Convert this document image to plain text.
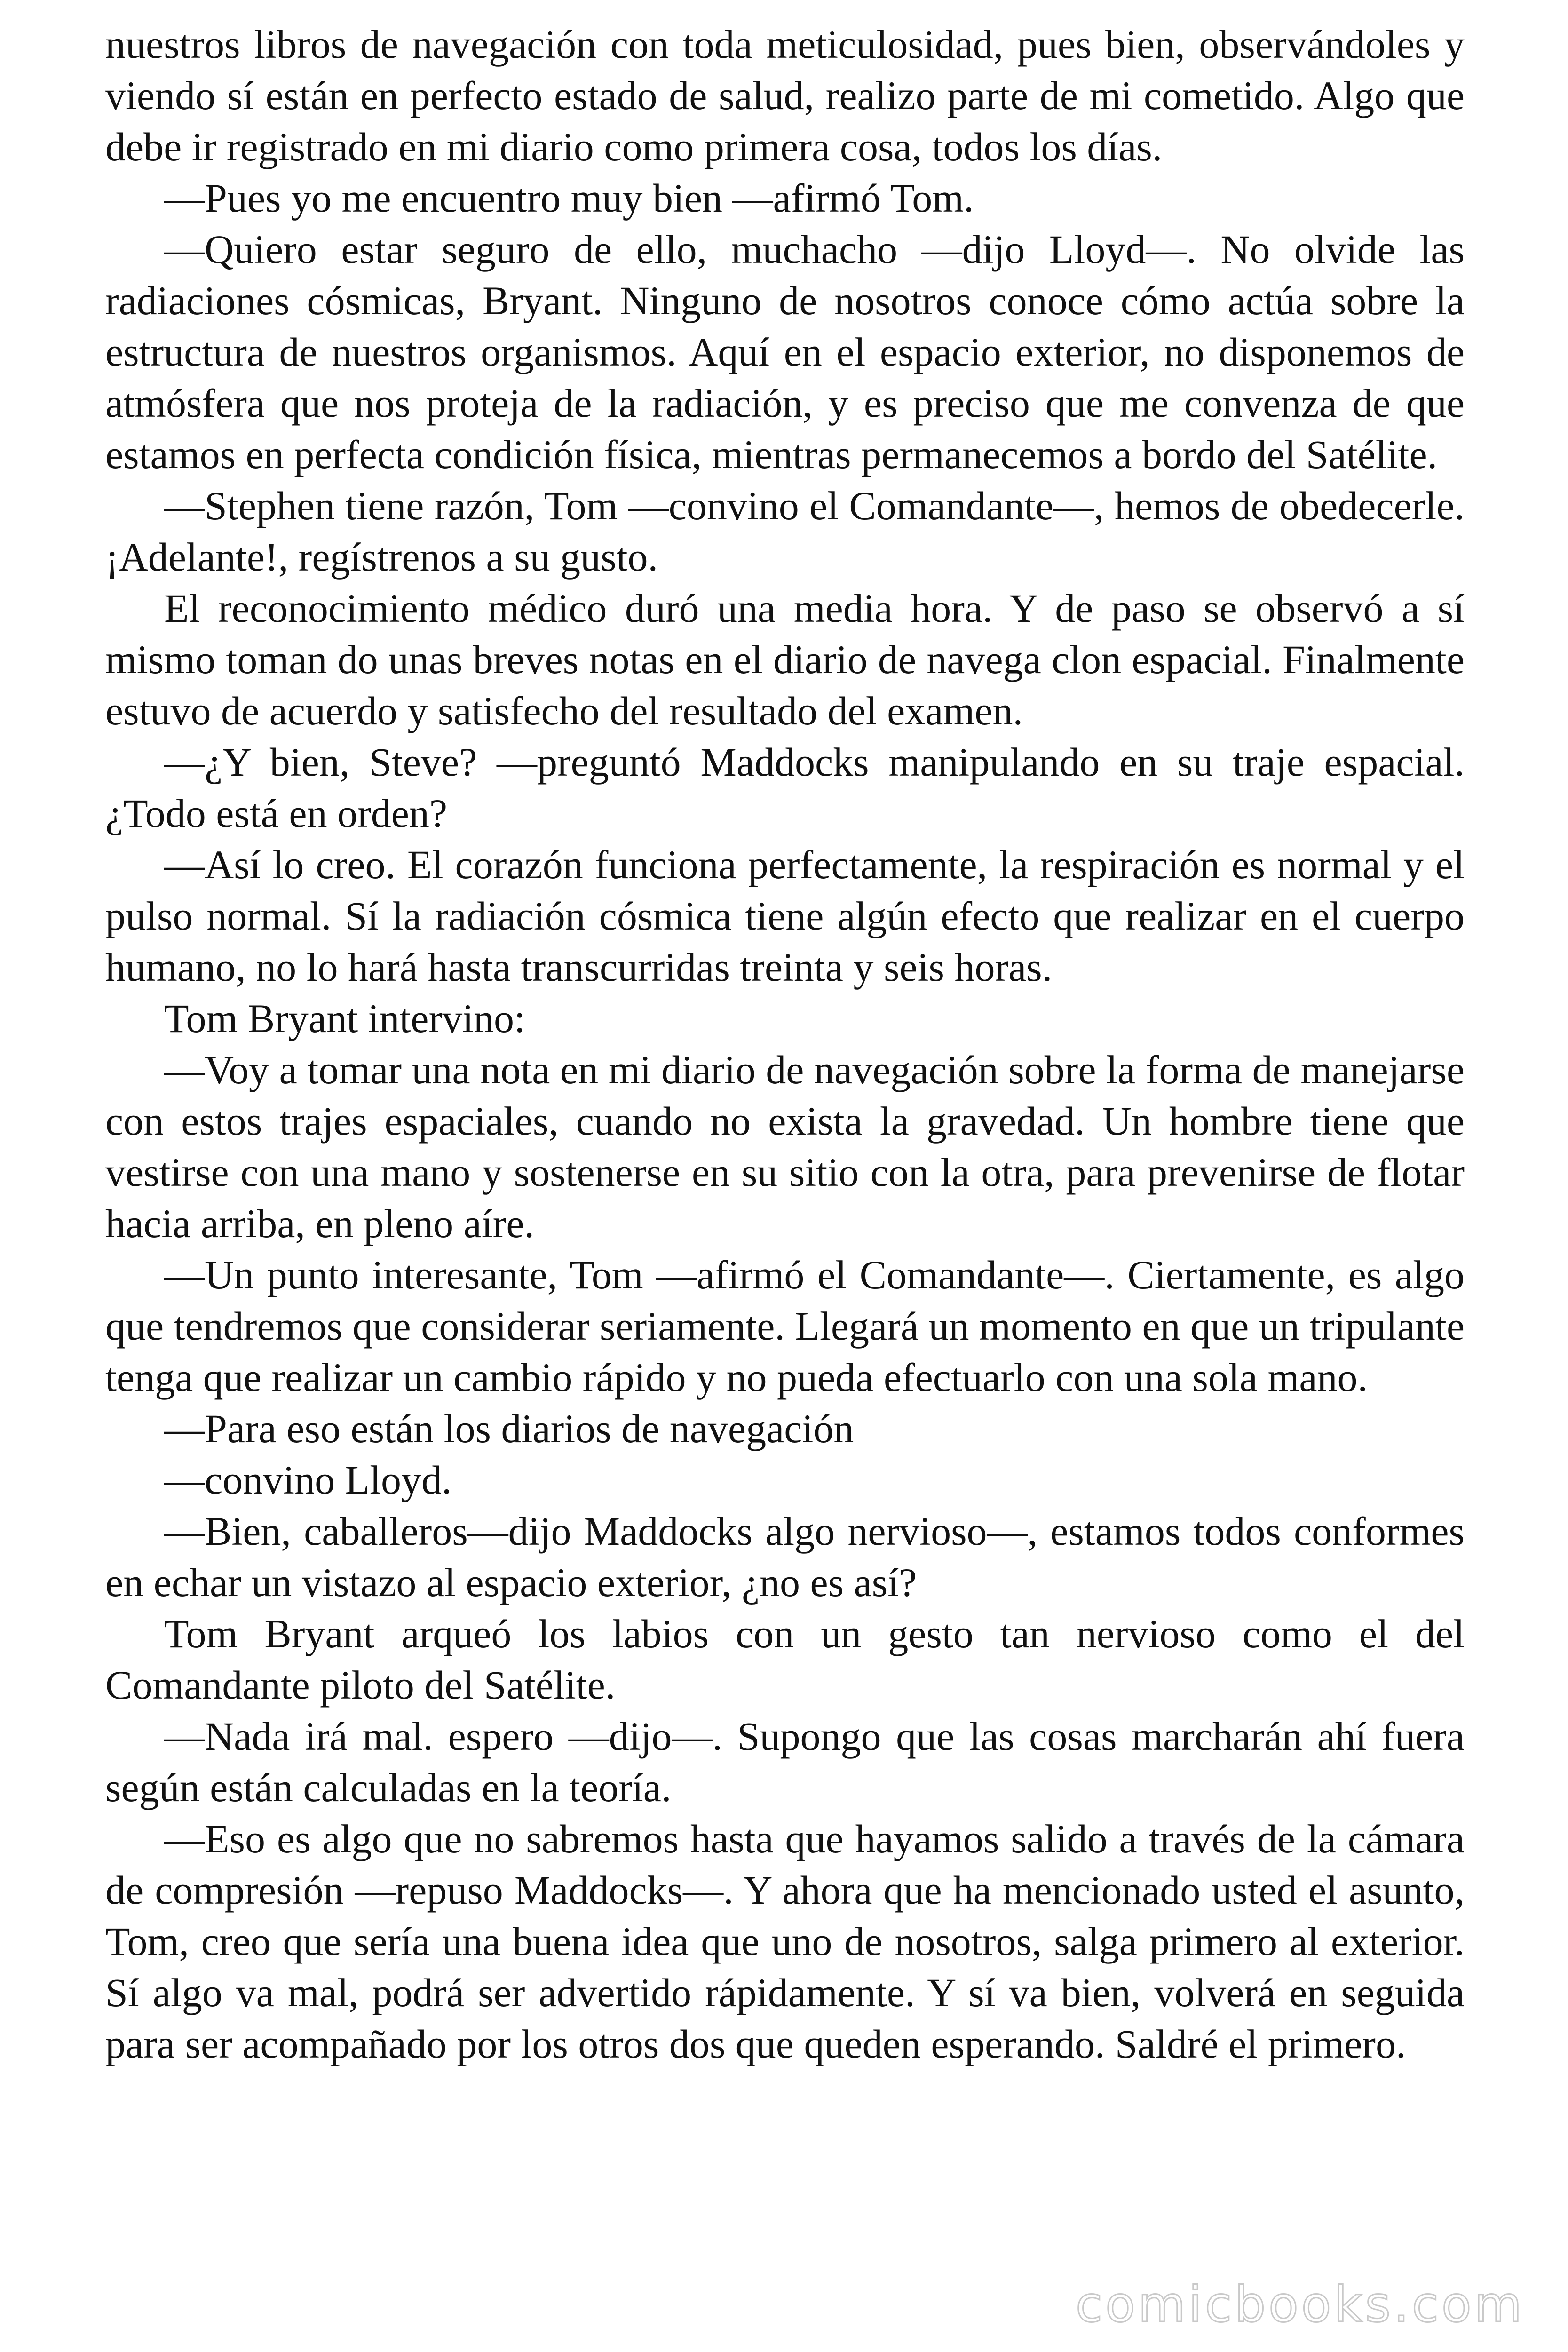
nuestros libros de navegación con toda meticulosidad, pues bien, observándoles y viendo sí están en perfecto estado de salud, realizo parte de mi cometido. Algo que debe ir registrado en mi diario como primera cosa, todos los días.

—Pues yo me encuentro muy bien —afirmó Tom.

—Quiero estar seguro de ello, muchacho —dijo Lloyd—. No olvide las radiaciones cósmicas, Bryant. Ninguno de nosotros conoce cómo actúa sobre la estructura de nuestros organismos. Aquí en el espacio exterior, no disponemos de atmósfera que nos proteja de la radiación, y es preciso que me convenza de que estamos en perfecta condición física, mientras permanecemos a bordo del Satélite.

—Stephen tiene razón, Tom —convino el Comandante—, hemos de obedecerle. ¡Adelante!, regístrenos a su gusto.

El reconocimiento médico duró una media hora. Y de paso se observó a sí mismo toman do unas breves notas en el diario de navega clon espacial. Finalmente estuvo de acuerdo y satisfecho del resultado del examen.

—¿Y bien, Steve? —preguntó Maddocks manipulando en su traje espacial. ¿Todo está en orden?

—Así lo creo. El corazón funciona perfectamente, la respiración es normal y el pulso normal. Sí la radiación cósmica tiene algún efecto que realizar en el cuerpo humano, no lo hará hasta transcurridas treinta y seis horas.

Tom Bryant intervino:

—Voy a tomar una nota en mi diario de navegación sobre la forma de manejarse con estos trajes espaciales, cuando no exista la gravedad. Un hombre tiene que vestirse con una mano y sostenerse en su sitio con la otra, para prevenirse de flotar hacia arriba, en pleno aíre.

—Un punto interesante, Tom —afirmó el Comandante—. Ciertamente, es algo que tendremos que considerar seriamente. Llegará un momento en que un tripulante tenga que realizar un cambio rápido y no pueda efectuarlo con una sola mano.

—Para eso están los diarios de navegación

—convino Lloyd.

—Bien, caballeros—dijo Maddocks algo nervioso—, estamos todos conformes en echar un vistazo al espacio exterior, ¿no es así?

Tom Bryant arqueó los labios con un gesto tan nervioso como el del Comandante piloto del Satélite.

—Nada irá mal. espero —dijo—. Supongo que las cosas marcharán ahí fuera según están calculadas en la teoría.

—Eso es algo que no sabremos hasta que hayamos salido a través de la cámara de compresión —repuso Maddocks—. Y ahora que ha mencionado usted el asunto, Tom, creo que sería una buena idea que uno de nosotros, salga primero al exterior. Sí algo va mal, podrá ser advertido rápidamente. Y sí va bien, volverá en seguida para ser acompañado por los otros dos que queden esperando. Saldré el primero.

comicbooks.com
